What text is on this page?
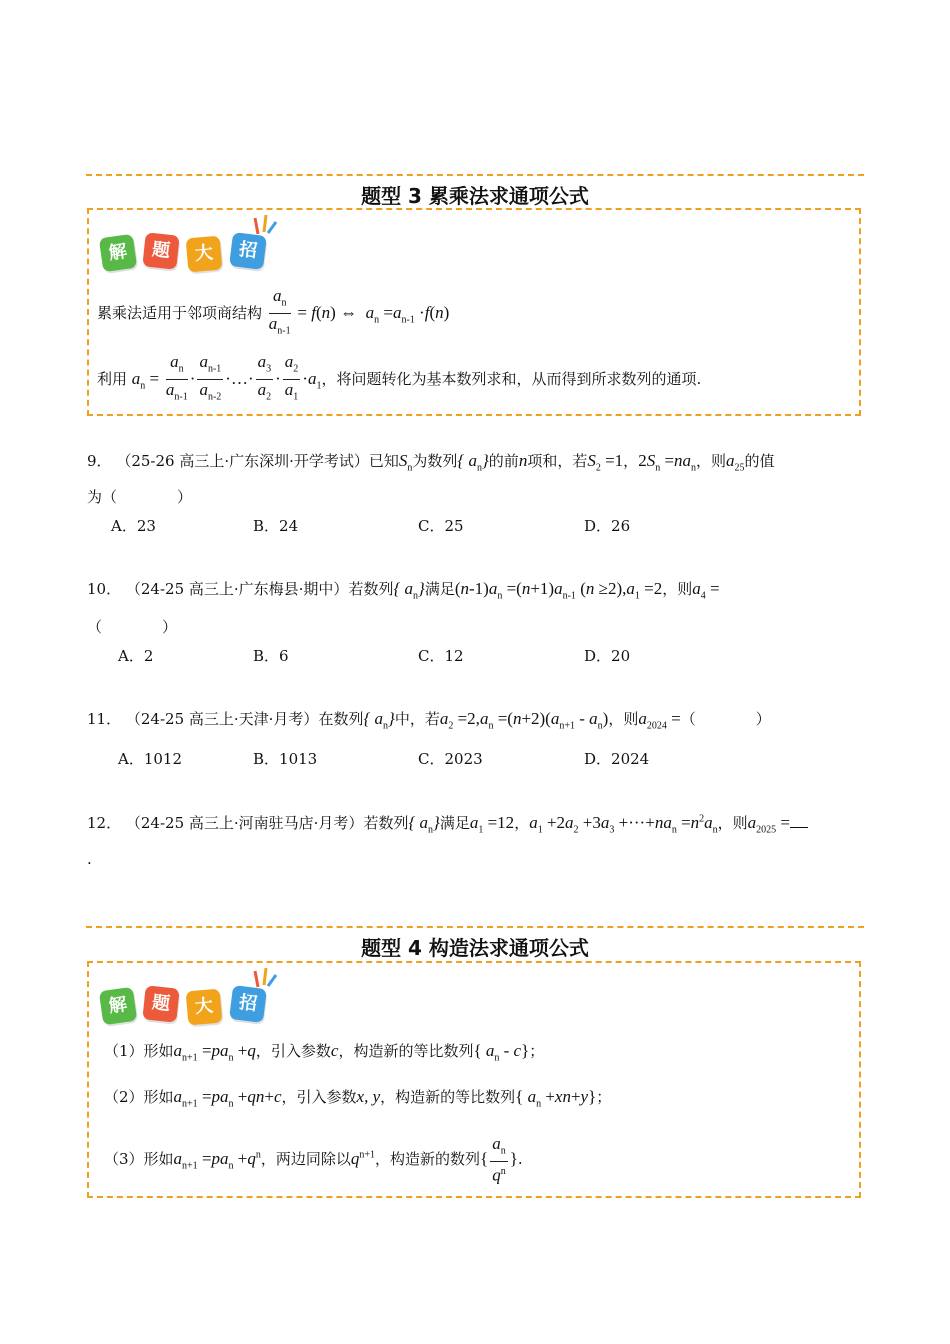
题型 3 累乘法求通项公式
解	题	大	招
累乘法适用于邻项商结构 $\frac{a_n}{a_{n-1}} = f(n)$ ⇔  $a_n =a_{n-1} \cdot f(n)$
利用 $a_n = \frac{a_n}{a_{n-1}} \cdot \frac{a_{n-1}}{a_{n-2}}$ ·…· $\frac{a_3}{a_2} \cdot \frac{a_2}{a_1} \cdot a_1$，将问题转化为基本数列求和，从而得到所求数列的通项.
9． （25-26 高三上·广东深圳·开学考试）已知$S_n$为数列{ $a_n$}的前n项和，若$S_2 =1$，$2S_n =na_n$，则$a_{25}$的值
为（　　　　）
A．23	B．24	C．25	D．26
10． （24-25 高三上·广东梅县·期中）若数列{ $a_n$}满足$(n-1)a_n =(n+1)a_{n-1}$ $(n \ge 2),a_1 =2$，则$a_4$ =
（　　　　）
A．2	B．6	C．12	D．20
11． （24-25 高三上·天津·月考）在数列{ $a_n$}中，若$a_2 =2,a_n =(n+2)(a_{n+1} - a_n)$，则$a_{2024}$ =（　　　　）
A．1012	B．1013	C．2023	D．2024
12． （24-25 高三上·河南驻马店·月考）若数列{ $a_n$}满足$a_1 =12$，$a_1 +2a_2 +3a_3 +\cdot\cdot\cdot+na_n =n^2a_n$，则$a_{2025}$ =
.
题型 4 构造法求通项公式
解	题	大	招
（1）形如$a_{n+1} =pa_n +q$，引入参数c，构造新的等比数列{ $a_n - c$}；
（2）形如$a_{n+1} =pa_n +qn+c$，引入参数x, y，构造新的等比数列{ $a_n +xn+y$}；
（3）形如$a_{n+1} =pa_n +q^n$，两边同除以$q^{n+1}$，构造新的数列{ $\frac{a_n}{q^n}$ }.
